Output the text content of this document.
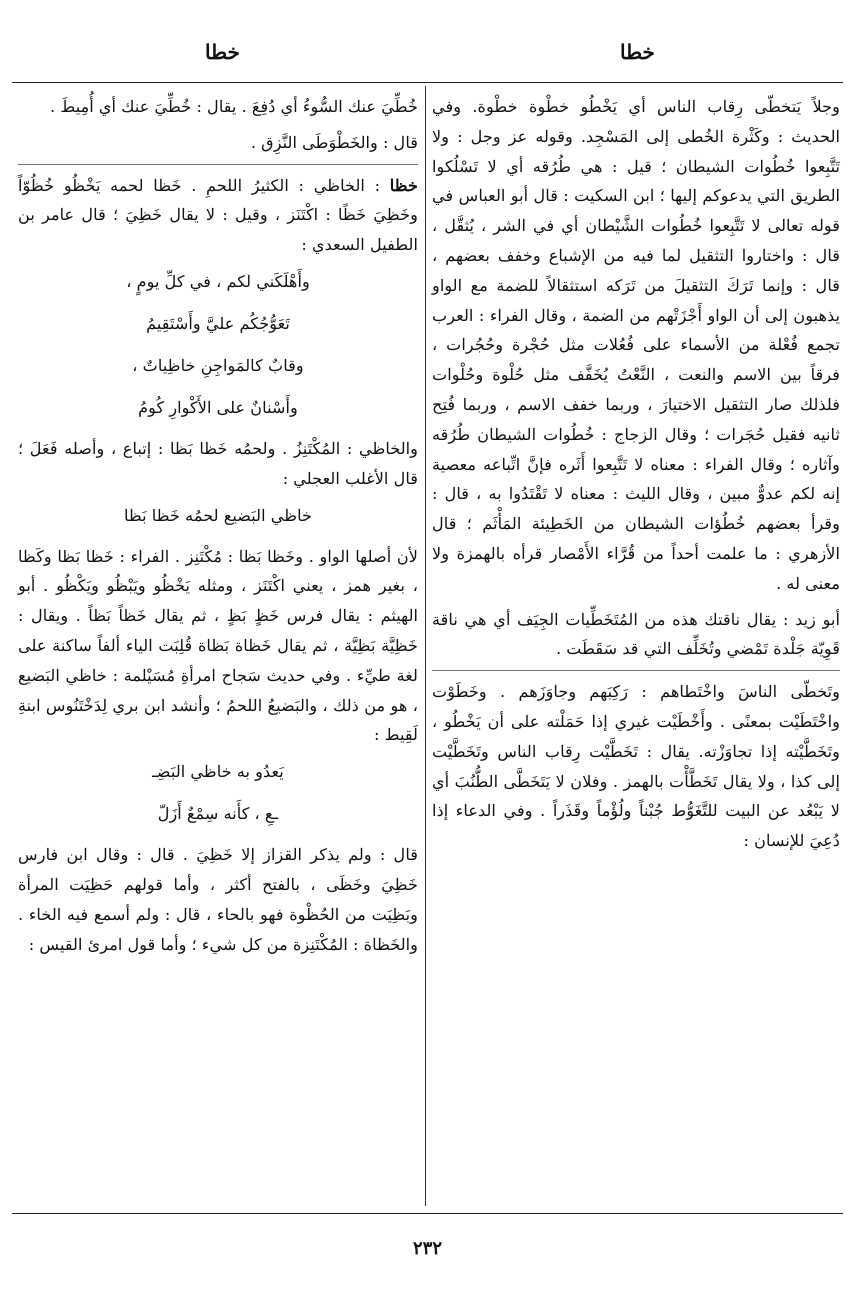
خطا
خطا

وجلاً يَتخطّى رِقاب الناس أي يَخْطُو خطْوة خطْوة. وفي الحديث : وكَثْرة الخُطى إلى المَسْجِد. وقوله عز وجل : ولا تَتَّبِعوا خُطُوات الشيطان ؛ قيل : هي طُرُقه أي لا تَسْلُكوا الطريق التي يدعوكم إليها ؛ ابن السكيت : قال أبو العباس في قوله تعالى لا تَتَّبِعوا خُطُوات الشَّيْطان أي في الشر ، يُثقَّل ، قال : واختاروا التثقيل لما فيه من الإشباع وخفف بعضهم ، قال : وإنما تَرَكَ التثقيلَ من تَرَكه استثقالاً للضمة مع الواو يذهبون إلى أن الواو أَجْزَتْهم من الضمة ، وقال الفراء : العرب تجمع فُعْلة من الأسماء على فُعُلات مثل حُجْرة وحُجُرات ، فرقاً بين الاسم والنعت ، النَّعْتُ يُخَفَّف مثل حُلْوة وحُلْوات فلذلك صار التثقيل الاختيارَ ، وربما خفف الاسم ، وربما فُتِح ثانيه فقيل حُجَرات ؛ وقال الزجاج : خُطُوات الشيطان طُرُقه وآثاره ؛ وقال الفراء : معناه لا تَتَّبِعوا أَثَره فإنَّ اتِّباعه معصية إنه لكم عدوٌّ مبين ، وقال الليث : معناه لا تَقْتَدُوا به ، قال : وقرأ بعضهم خُطُؤات الشيطان من الخَطِيئة المَأْثَم ؛ قال الأزهري : ما علمت أحداً من قُرَّاء الأَمْصار قرأه بالهمزة ولا معنى له .

أبو زيد : يقال ناقتك هذه من المُتَخَطِّيات الجِيَف أي هي ناقة قَوِيّة جَلْدة تَمْضي وتُخَلِّف التي قد سَقَطَت .

وتَخطّى الناسَ واخْتَطاهم : رَكِبَهم وجاوَزَهم . وخَطَوْت واخْتَطَيْت بمعنًى . وأَخْطَيْت غيري إذا حَمَلْته على أن يَخْطُو ، وتَخَطَّيْته إذا تجاوَزْته. يقال : تَخَطَّيْت رِقاب الناس وتَخَطَّيْت إلى كذا ، ولا يقال تَخَطَّأْت بالهمز . وفلان لا يَتَخَطَّى الطُّنُبَ أي لا يَبْعُد عن البيت للتَّغَوُّط جُبْناً ولُؤْماً وقَذَراً . وفي الدعاء إذا دُعِيَ للإنسان :

خُطِّيَ عنك السُّوءُ أي دُفِعَ . يقال : خُطِّيَ عنك أي أُمِيطَ .

قال : والخَطْوَطَى النَّزِق .

خظا : الخاظي : الكثيرُ اللحمِ . خَظا لحمه يَخْظُو خُظُوّاً وخَظِيَ خَظًا : اكْتَنَز ، وقيل : لا يقال خَظِيَ ؛ قال عامر بن الطفيل السعدي :

وأَهْلَكَني لكم ، في كلِّ يومٍ ،

تَعَوُّجُكُم عليَّ وأَسْتَقِيمُ

وقابٌ كالمَواجِنِ خاظِياتٌ ،

وأَسْنانٌ على الأَكْوارِ كُومُ

والخاظي : المُكْتَنِزُ . ولحمُه خَظا بَظا : إتباع ، وأصله فَعَلَ ؛ قال الأغلب العجلي :

خاظي البَضيع لحمُه خَظا بَظا

لأن أصلها الواو . وخَظا بَظا : مُكْتَنِز . الفراء : خَظا بَظا وكَظا ، بغير همز ، يعني اكْتَنَز ، ومثله يَخْظُو ويَبْظُو ويَكْظُو . أبو الهيثم : يقال فرس خَظٍ بَظٍ ، ثم يقال خَظاً بَظاً . ويقال : خَظِيَّة بَظِيَّة ، ثم يقال خَظاة بَظاة قُلِبَت الياء ألفاً ساكنة على لغة طيِّء . وفي حديث سَجاح امرأةِ مُسَيْلمة : خاظي البَضيع ، هو من ذلك ، والبَضيعُ اللحمُ ؛ وأنشد ابن بري لِدَخْتَنُوس ابنةِ لَقِيط :

يَعدُو به خاظي البَضِـ

ـعِ ، كأَنه سِمْعٌ أَزَلّ

قال : ولم يذكر القزاز إلا خَظِيَ . قال : وقال ابن فارس خَظِيَ وخَظَى ، بالفتح أكثر ، وأما قولهم حَظِيَت المرأة وبَظِيَت من الحُظْوة فهو بالحاء ، قال : ولم أسمع فيه الخاء . والخَظاة : المُكْتَنِزة من كل شيء ؛ وأما قول امرئ القيس :

٢٣٢
